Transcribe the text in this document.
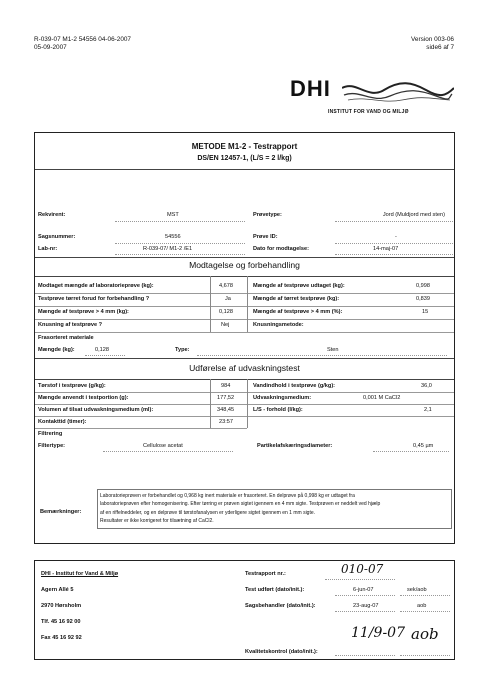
R-039-07 M1-2 54556 04-06-2007
05-09-2007
Version 003-06
side6 af 7
DHI
INSTITUT FOR VAND OG MILJØ
METODE M1-2 - Testrapport
DS/EN 12457-1, (L/S = 2 l/kg)
Rekvirent:	MST	Prøvetype:	Jord (Muldjord med sten)
Sagsnummer:	54556	Prøve ID:	-
Lab-nr:	R-039-07/ M1-2 /E1	Dato for modtagelse:	14-maj-07
Modtagelse og forbehandling
Modtaget mængde af laboratorieprøve (kg):	4,678	Mængde af testprøve udtaget (kg):	0,998
Testprøve tørret forud for forbehandling ?	Ja	Mængde af tørret testprøve (kg):	0,839
Mængde af testprøve > 4 mm (kg):	0,128	Mængde af testprøve > 4 mm (%):	15
Knusning af testprøve ?	Nej	Knusningsmetode:
Frasorteret materiale
Mængde (kg):	0,128	Type:	Sten
Udførelse af udvaskningstest
Tørstof i testprøve (g/kg):	984	Vandindhold i testprøve (g/kg):	36,0
Mængde anvendt i testportion (g):	177,52	Udvaskningsmedium:	0,001 M CaCl2
Volumen af tilsat udvaskningsmedium (ml):	348,45	L/S - forhold (l/kg):	2,1
Kontakttid (timer):	23:57
Filtrering
Filtertype:	Cellulose acetat	Partikelafskæringsdiameter:	0,45 µm
Bemærkninger:
Laboratorieprøven er forbehandlet og 0,968 kg inert materiale er frasorteret. En delprøve på 0,998 kg er udtaget fra
laboratorieprøven efter homogenisering. Efter tørring er prøven sigtet igennem en 4 mm sigte. Testprøven er neddelt ved hjælp
af en riffelneddeler, og en delprøve til tørstofanalysen er yderligere sigtet igennem en 1 mm sigte.
Resultater er ikke korrigeret for tilsætning af CaCl2.
DHI - Institut for Vand & Miljø
Agern Allé 5
2970 Hørsholm
Tlf. 45 16 92 00
Fax 45 16 92 92
Testrapport nr.:	010-07
Test udført (dato/init.):	6-jun-07	sek/aob
Sagsbehandler (dato/init.):	23-aug-07	aob
Kvalitetskontrol (dato/init.):
11/9-07 aob
